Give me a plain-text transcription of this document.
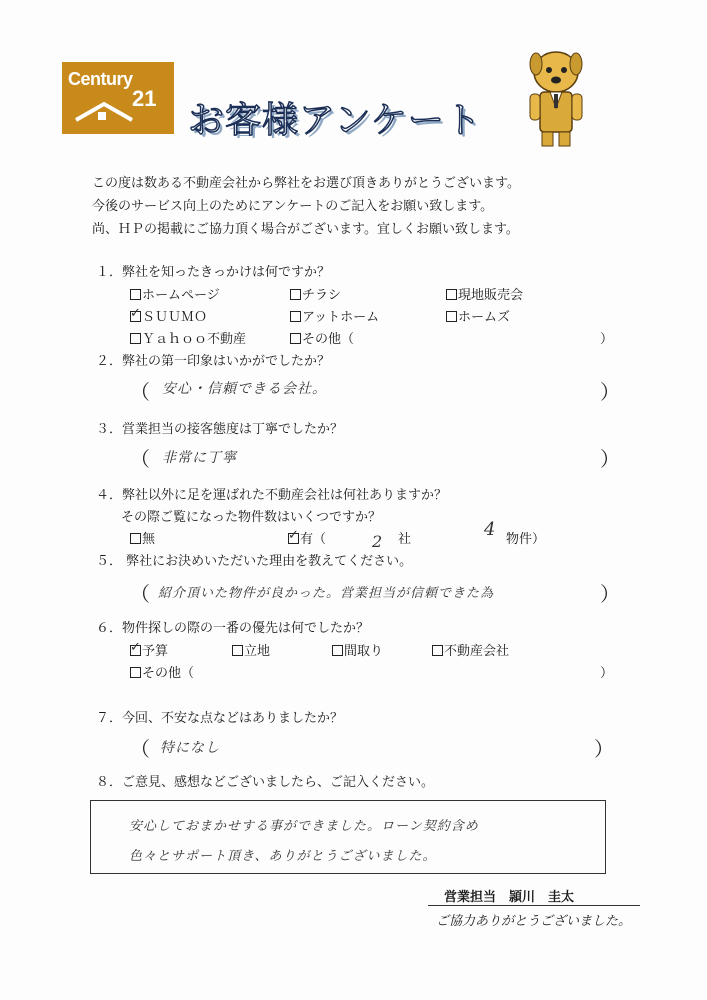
Century
21
お客様アンケート
この度は数ある不動産会社から弊社をお選び頂きありがとうございます。
今後のサービス向上のためにアンケートのご記入をお願い致します。
尚、ＨＰの掲載にご協力頂く場合がございます。宜しくお願い致します。
１．弊社を知ったきっかけは何ですか？
ホームページ	チラシ	現地販売会
✓ＳＵＵＭＯ	アットホーム	ホームズ
Ｙａｈｏｏ不動産	その他（	）
２．弊社の第一印象はいかがでしたか？
（ 安心・信頼できる会社。	）
３．営業担当の接客態度は丁寧でしたか？
（ 非常に丁寧	）
４．弊社以外に足を運ばれた不動産会社は何社ありますか？
その際ご覧になった物件数はいくつですか？
無
✓	有（	2 社	4 物件）
５． 弊社にお決めいただいた理由を教えてください。
（ 紹介頂いた物件が良かった。営業担当が信頼できた為	）
６．物件探しの際の一番の優先は何でしたか？
✓予算	立地	間取り	不動産会社
その他（	）
７．今回、不安な点などはありましたか？
（ 特になし	）
８．ご意見、感想などございましたら、ご記入ください。
安心しておまかせする事ができました。ローン契約含め
色々とサポート頂き、ありがとうございました。
営業担当　頴川　圭太
ご協力ありがとうございました。
